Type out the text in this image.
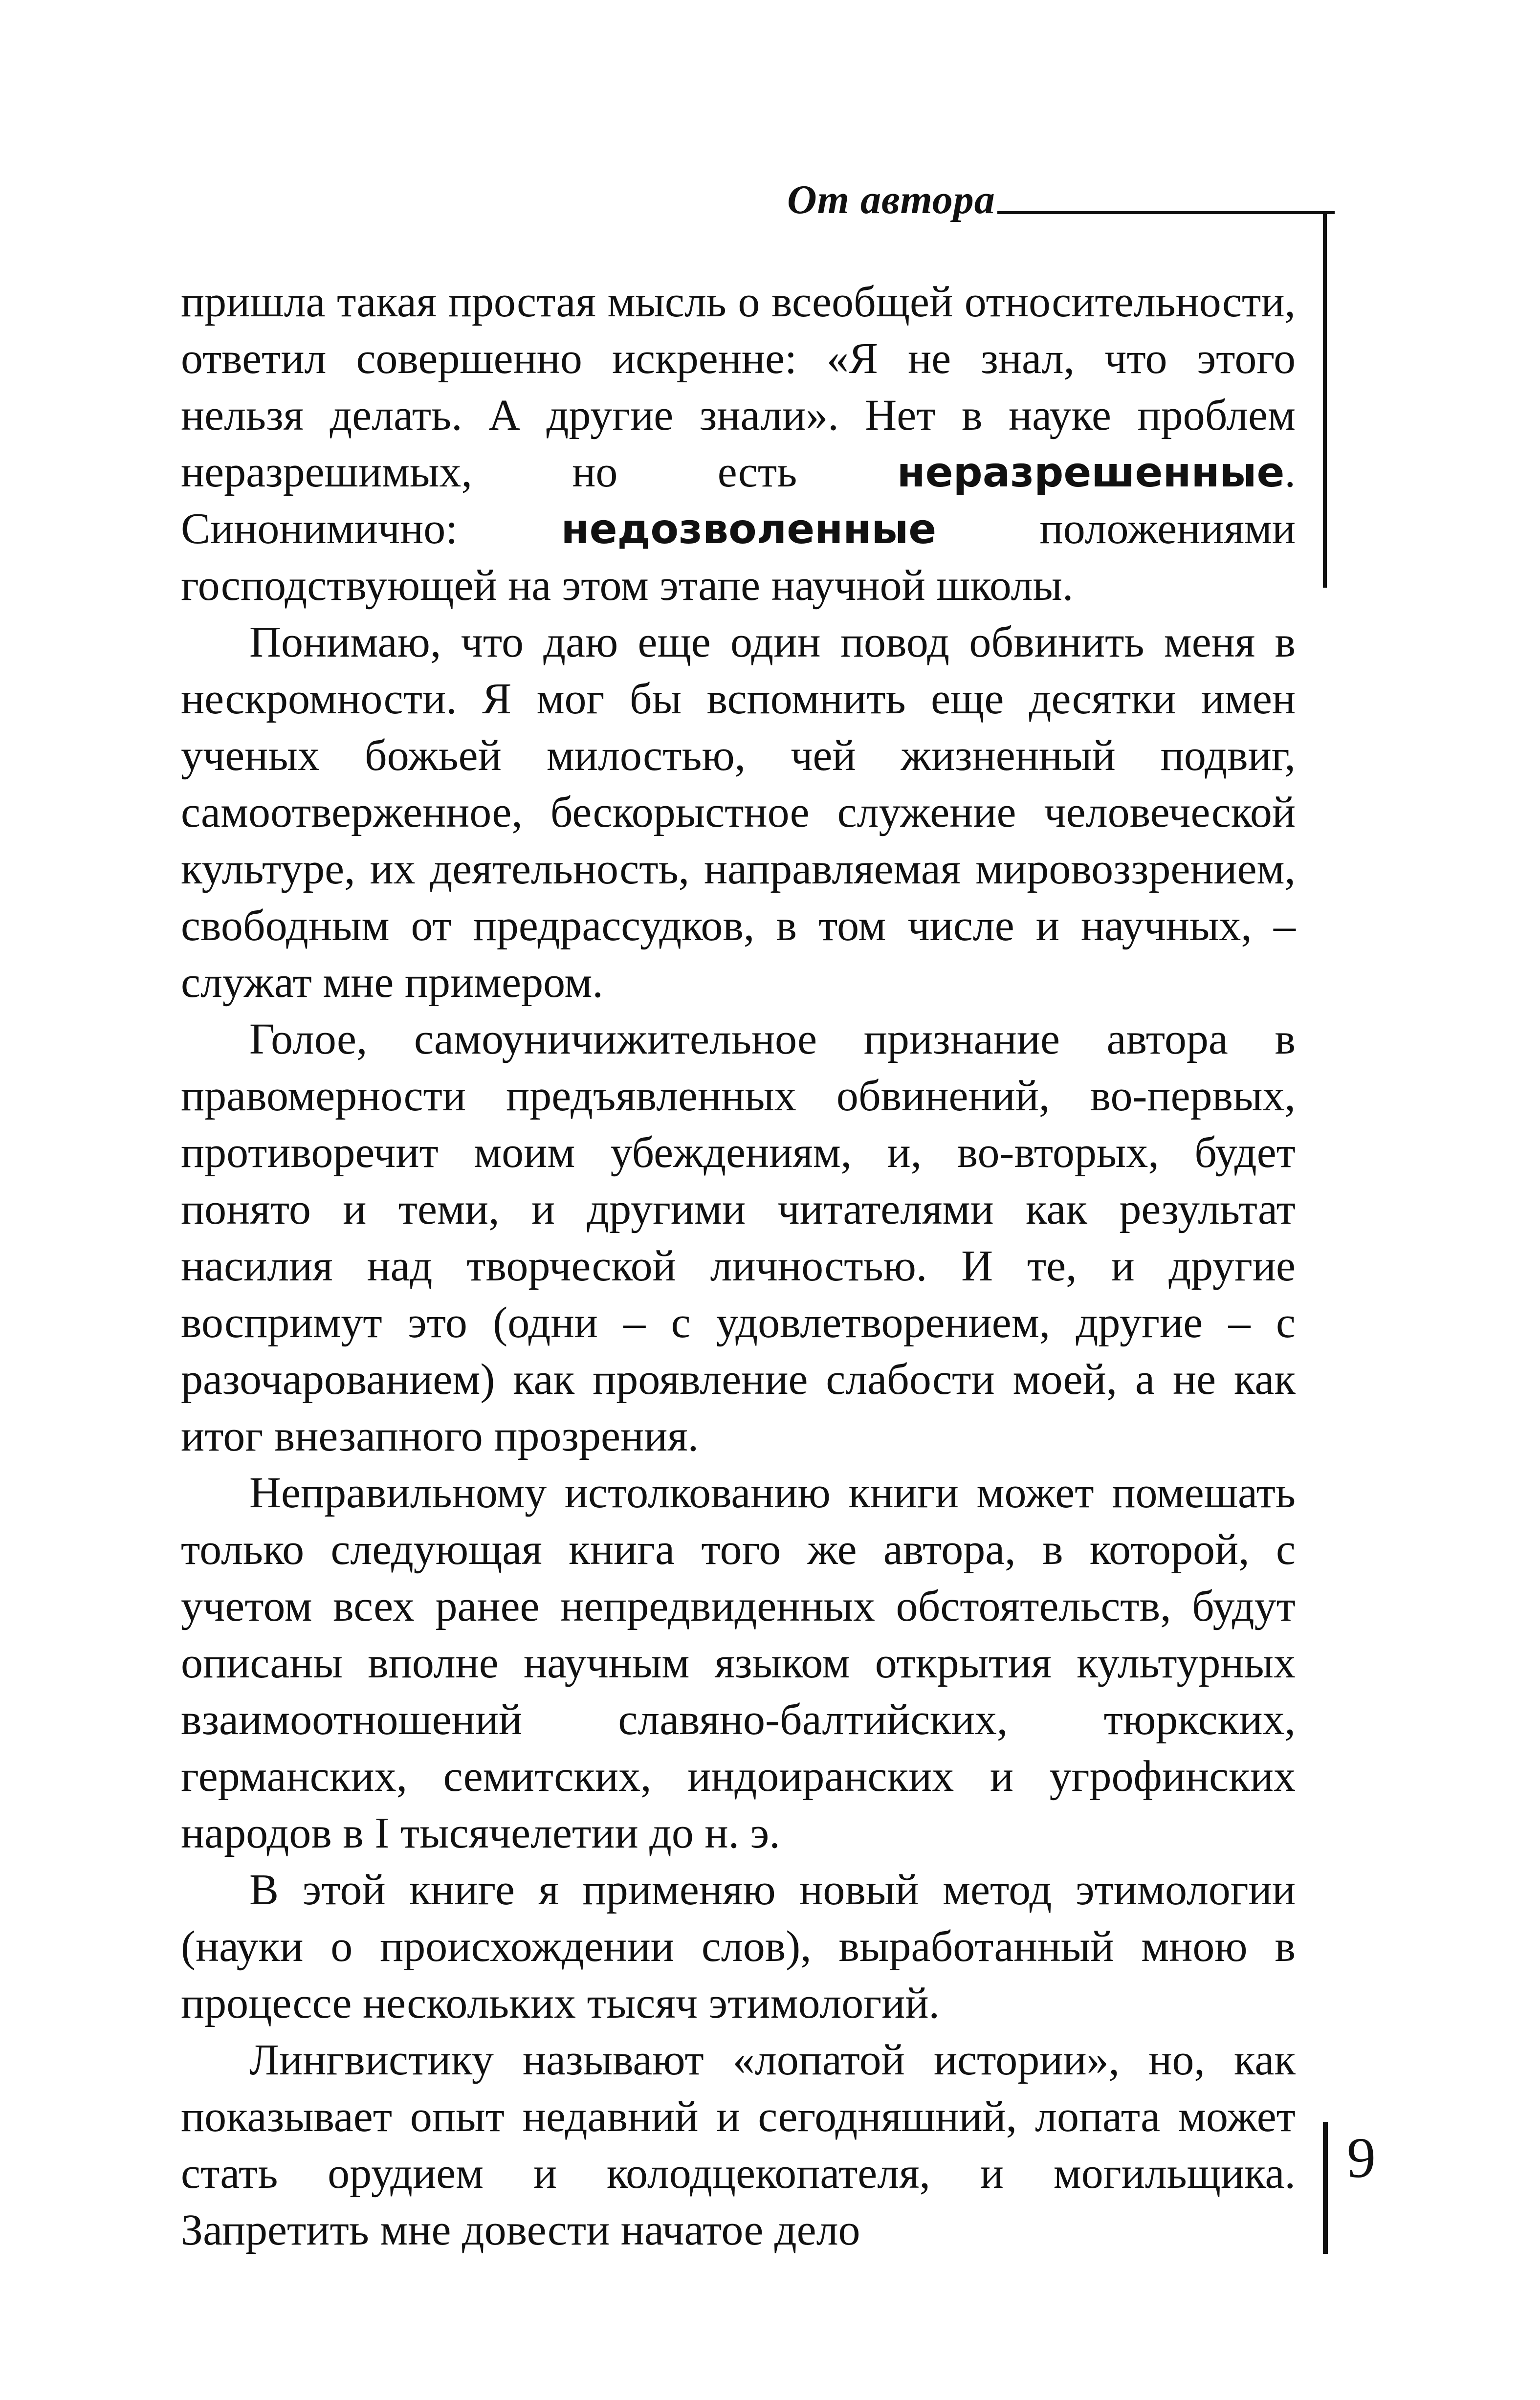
От автора

пришла такая простая мысль о всеобщей относительности, ответил совершенно искренне: «Я не знал, что этого нельзя делать. А другие знали». Нет в науке проблем неразрешимых, но есть неразрешенные. Синонимично: недозволенные положениями господствующей на этом этапе научной школы.

Понимаю, что даю еще один повод обвинить меня в нескромности. Я мог бы вспомнить еще десятки имен ученых божьей милостью, чей жизненный подвиг, самоотверженное, бескорыстное служение человеческой культуре, их деятельность, направляемая мировоззрением, свободным от предрассудков, в том числе и научных, – служат мне примером.

Голое, самоуничижительное признание автора в правомерности предъявленных обвинений, во-первых, противоречит моим убеждениям, и, во-вторых, будет понято и теми, и другими читателями как результат насилия над творческой личностью. И те, и другие воспримут это (одни – с удовлетворением, другие – с разочарованием) как проявление слабости моей, а не как итог внезапного прозрения.

Неправильному истолкованию книги может помешать только следующая книга того же автора, в которой, с учетом всех ранее непредвиденных обстоятельств, будут описаны вполне научным языком открытия культурных взаимоотношений славяно-балтийских, тюркских, германских, семитских, индоиранских и угрофинских народов в I тысячелетии до н. э.

В этой книге я применяю новый метод этимологии (науки о происхождении слов), выработанный мною в процессе нескольких тысяч этимологий.

Лингвистику называют «лопатой истории», но, как показывает опыт недавний и сегодняшний, лопата может стать орудием и колодцекопателя, и могильщика. Запретить мне довести начатое дело

9
